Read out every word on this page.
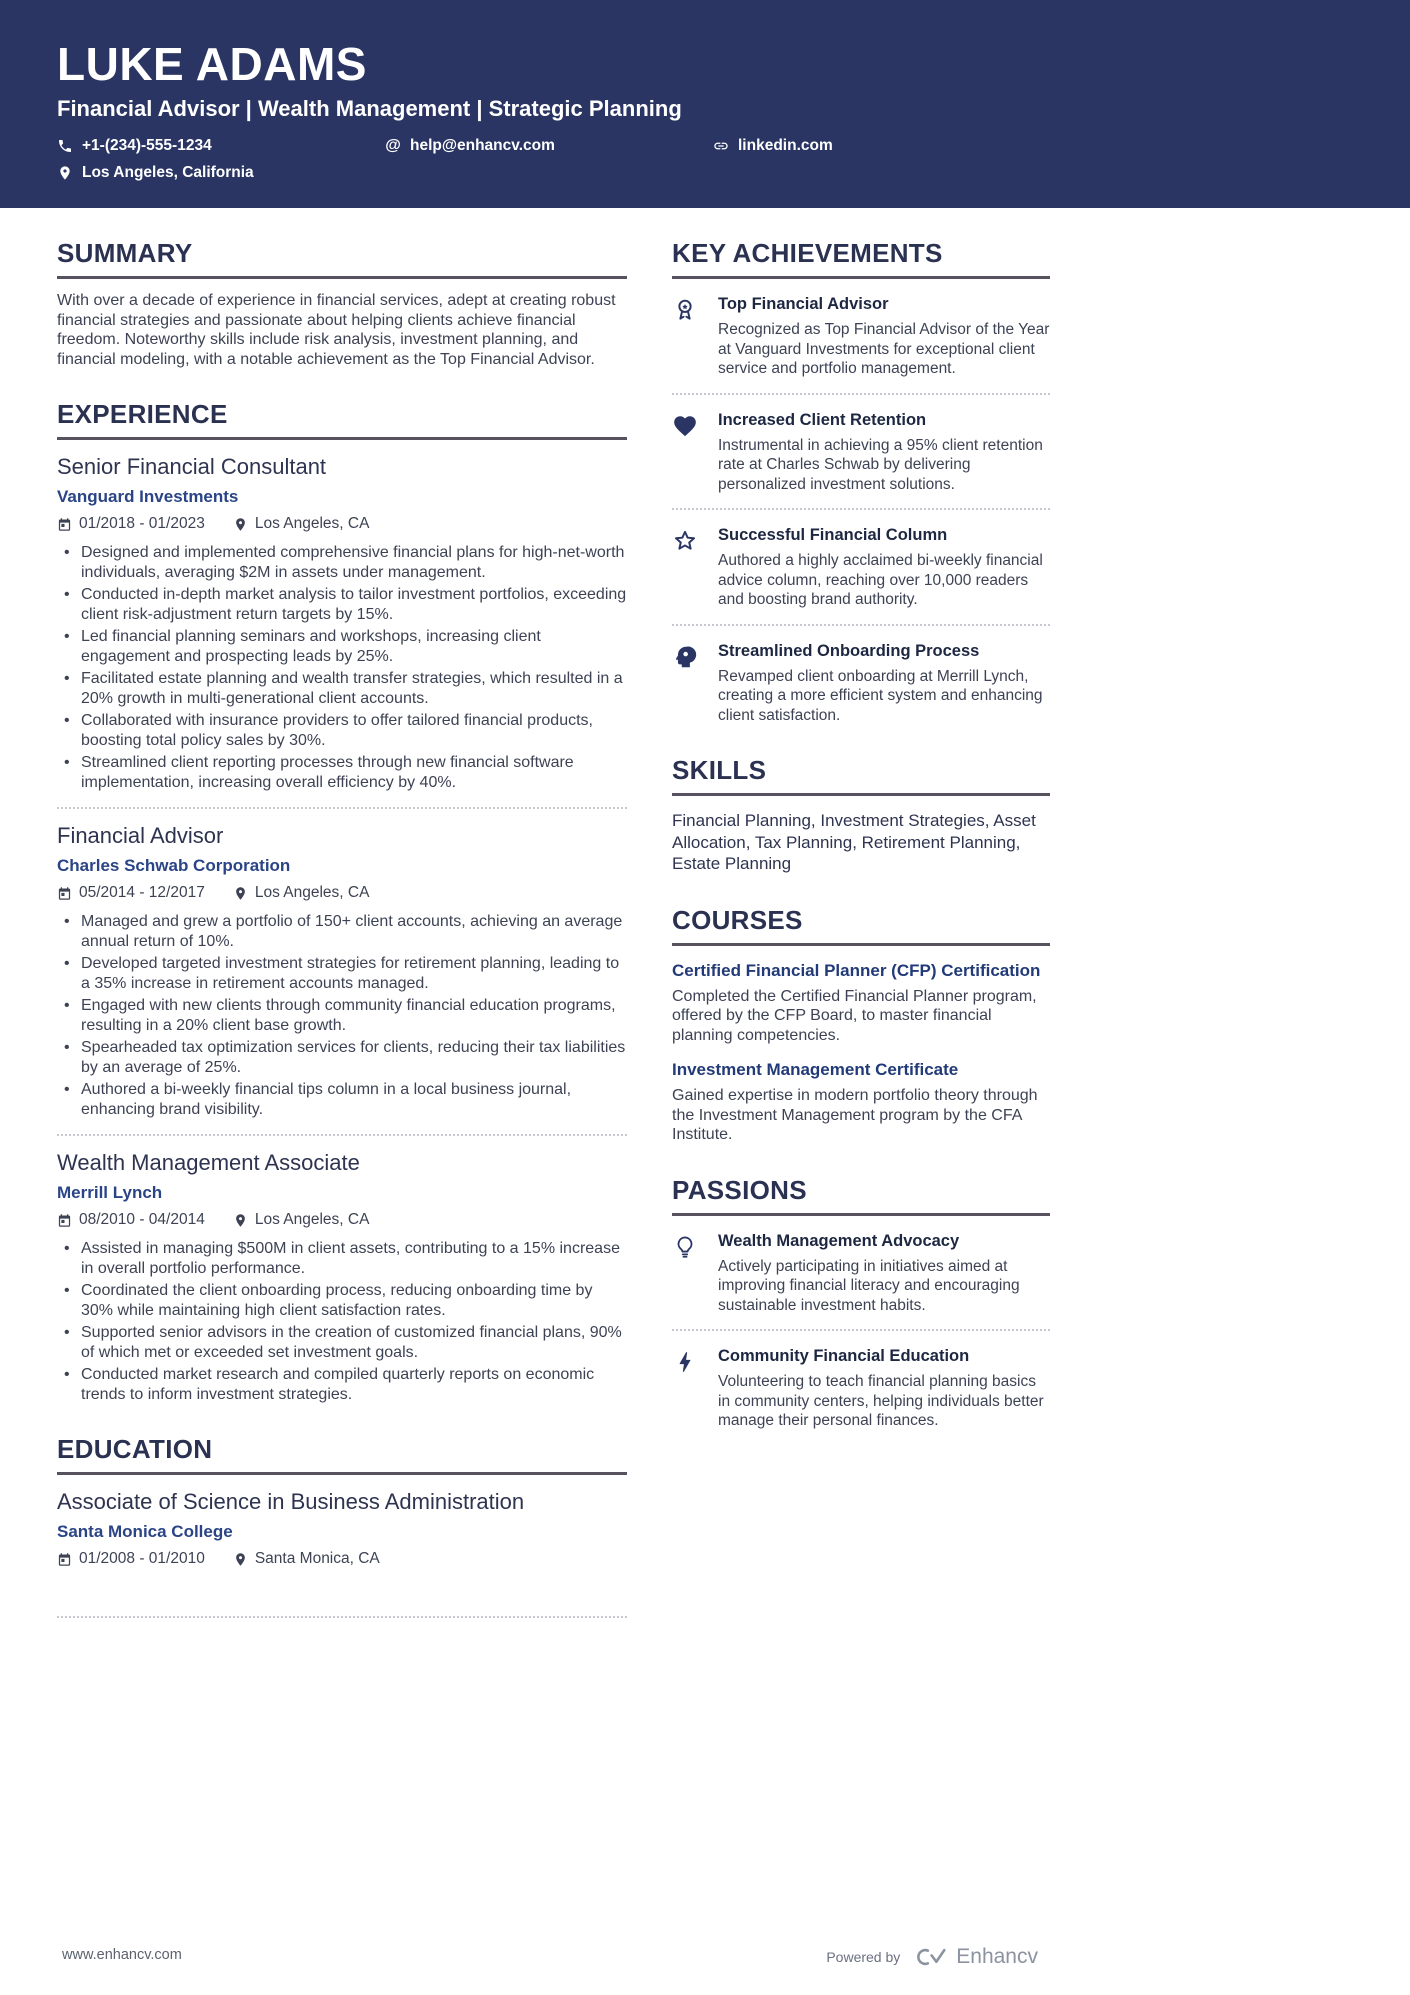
LUKE ADAMS
Financial Advisor | Wealth Management | Strategic Planning
+1-(234)-555-1234	@ help@enhancv.com	linkedin.com
Los Angeles, California
SUMMARY
With over a decade of experience in financial services, adept at creating robust financial strategies and passionate about helping clients achieve financial freedom. Noteworthy skills include risk analysis, investment planning, and financial modeling, with a notable achievement as the Top Financial Advisor.
EXPERIENCE
Senior Financial Consultant
Vanguard Investments
01/2018 - 01/2023	Los Angeles, CA
• Designed and implemented comprehensive financial plans for high-net-worth individuals, averaging $2M in assets under management.
• Conducted in-depth market analysis to tailor investment portfolios, exceeding client risk-adjustment return targets by 15%.
• Led financial planning seminars and workshops, increasing client engagement and prospecting leads by 25%.
• Facilitated estate planning and wealth transfer strategies, which resulted in a 20% growth in multi-generational client accounts.
• Collaborated with insurance providers to offer tailored financial products, boosting total policy sales by 30%.
• Streamlined client reporting processes through new financial software implementation, increasing overall efficiency by 40%.
Financial Advisor
Charles Schwab Corporation
05/2014 - 12/2017	Los Angeles, CA
• Managed and grew a portfolio of 150+ client accounts, achieving an average annual return of 10%.
• Developed targeted investment strategies for retirement planning, leading to a 35% increase in retirement accounts managed.
• Engaged with new clients through community financial education programs, resulting in a 20% client base growth.
• Spearheaded tax optimization services for clients, reducing their tax liabilities by an average of 25%.
• Authored a bi-weekly financial tips column in a local business journal, enhancing brand visibility.
Wealth Management Associate
Merrill Lynch
08/2010 - 04/2014	Los Angeles, CA
• Assisted in managing $500M in client assets, contributing to a 15% increase in overall portfolio performance.
• Coordinated the client onboarding process, reducing onboarding time by 30% while maintaining high client satisfaction rates.
• Supported senior advisors in the creation of customized financial plans, 90% of which met or exceeded set investment goals.
• Conducted market research and compiled quarterly reports on economic trends to inform investment strategies.
EDUCATION
Associate of Science in Business Administration
Santa Monica College
01/2008 - 01/2010	Santa Monica, CA
KEY ACHIEVEMENTS
Top Financial Advisor
Recognized as Top Financial Advisor of the Year at Vanguard Investments for exceptional client service and portfolio management.
Increased Client Retention
Instrumental in achieving a 95% client retention rate at Charles Schwab by delivering personalized investment solutions.
Successful Financial Column
Authored a highly acclaimed bi-weekly financial advice column, reaching over 10,000 readers and boosting brand authority.
Streamlined Onboarding Process
Revamped client onboarding at Merrill Lynch, creating a more efficient system and enhancing client satisfaction.
SKILLS
Financial Planning, Investment Strategies, Asset Allocation, Tax Planning, Retirement Planning, Estate Planning
COURSES
Certified Financial Planner (CFP) Certification
Completed the Certified Financial Planner program, offered by the CFP Board, to master financial planning competencies.
Investment Management Certificate
Gained expertise in modern portfolio theory through the Investment Management program by the CFA Institute.
PASSIONS
Wealth Management Advocacy
Actively participating in initiatives aimed at improving financial literacy and encouraging sustainable investment habits.
Community Financial Education
Volunteering to teach financial planning basics in community centers, helping individuals better manage their personal finances.
www.enhancv.com	Powered by	Enhancv
